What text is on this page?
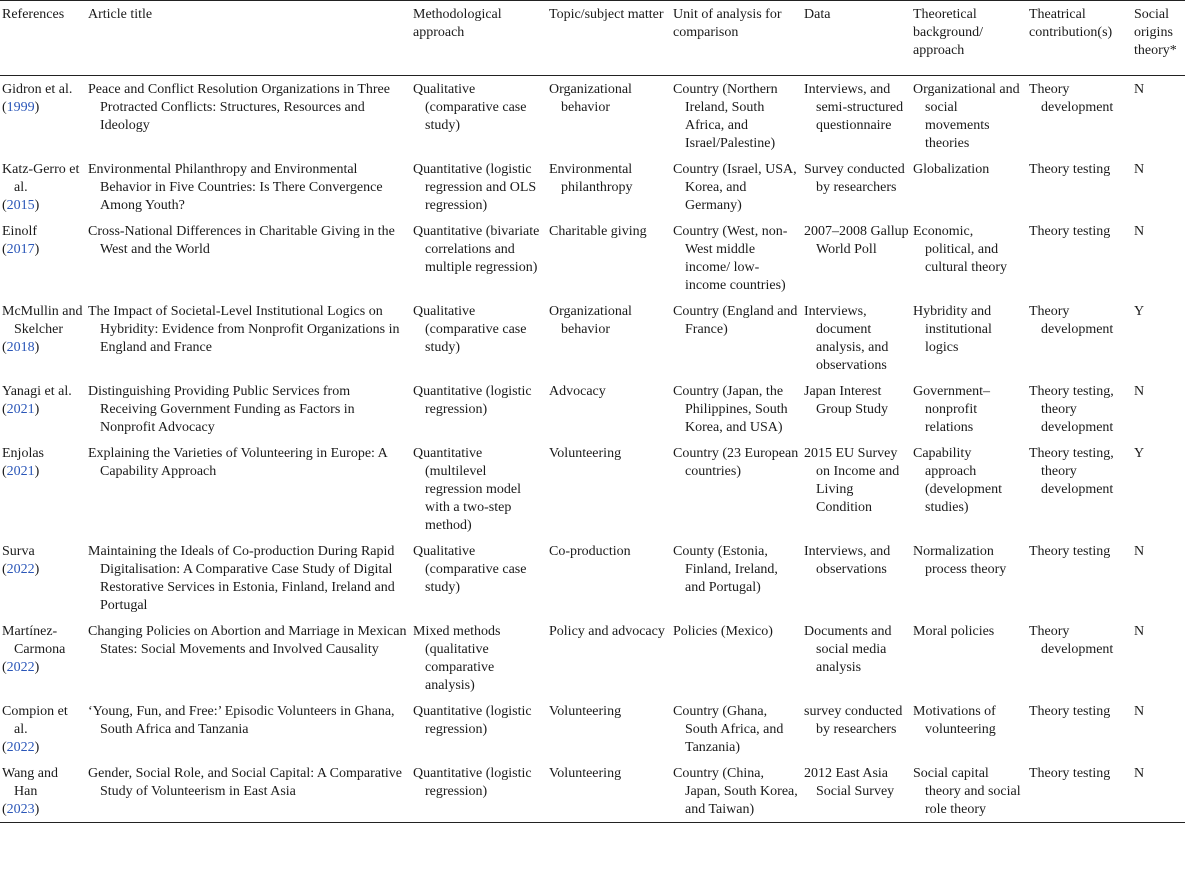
References	Article title	Methodological approach	Topic/subject matter	Unit of analysis for comparison	Data	Theoretical background/ approach	Theatrical contribution(s)	Social origins theory*

Gidron et al.
(1999)	Peace and Conflict Resolution Organizations in Three Protracted Conflicts: Structures, Resources and Ideology	Qualitative (comparative case study)	Organizational behavior	Country (Northern Ireland, South Africa, and Israel/Palestine)	Interviews, and semi-structured questionnaire	Organizational and social movements theories	Theory development	N

Katz-Gerro et al.
(2015)	Environmental Philanthropy and Environmental Behavior in Five Countries: Is There Convergence Among Youth?	Quantitative (logistic regression and OLS regression)	Environmental philanthropy	Country (Israel, USA, Korea, and Germany)	Survey conducted by researchers	Globalization	Theory testing	N

Einolf
(2017)	Cross-National Differences in Charitable Giving in the West and the World	Quantitative (bivariate correlations and multiple regression)	Charitable giving	Country (West, non-West middle income/ low-income countries)	2007–2008 Gallup World Poll	Economic, political, and cultural theory	Theory testing	N

McMullin and Skelcher
(2018)	The Impact of Societal-Level Institutional Logics on Hybridity: Evidence from Nonprofit Organizations in England and France	Qualitative (comparative case study)	Organizational behavior	Country (England and France)	Interviews, document analysis, and observations	Hybridity and institutional logics	Theory development	Y

Yanagi et al.
(2021)	Distinguishing Providing Public Services from Receiving Government Funding as Factors in Nonprofit Advocacy	Quantitative (logistic regression)	Advocacy	Country (Japan, the Philippines, South Korea, and USA)	Japan Interest Group Study	Government–nonprofit relations	Theory testing, theory development	N

Enjolas
(2021)	Explaining the Varieties of Volunteering in Europe: A Capability Approach	Quantitative (multilevel regression model with a two-step method)	Volunteering	Country (23 European countries)	2015 EU Survey on Income and Living Condition	Capability approach (development studies)	Theory testing, theory development	Y

Surva
(2022)	Maintaining the Ideals of Co-production During Rapid Digitalisation: A Comparative Case Study of Digital Restorative Services in Estonia, Finland, Ireland and Portugal	Qualitative (comparative case study)	Co-production	County (Estonia, Finland, Ireland, and Portugal)	Interviews, and observations	Normalization process theory	Theory testing	N

Martínez-Carmona
(2022)	Changing Policies on Abortion and Marriage in Mexican States: Social Movements and Involved Causality	Mixed methods (qualitative comparative analysis)	Policy and advocacy	Policies (Mexico)	Documents and social media analysis	Moral policies	Theory development	N

Compion et al.
(2022)	‘Young, Fun, and Free:’ Episodic Volunteers in Ghana, South Africa and Tanzania	Quantitative (logistic regression)	Volunteering	Country (Ghana, South Africa, and Tanzania)	survey conducted by researchers	Motivations of volunteering	Theory testing	N

Wang and Han
(2023)	Gender, Social Role, and Social Capital: A Comparative Study of Volunteerism in East Asia	Quantitative (logistic regression)	Volunteering	Country (China, Japan, South Korea, and Taiwan)	2012 East Asia Social Survey	Social capital theory and social role theory	Theory testing	N
